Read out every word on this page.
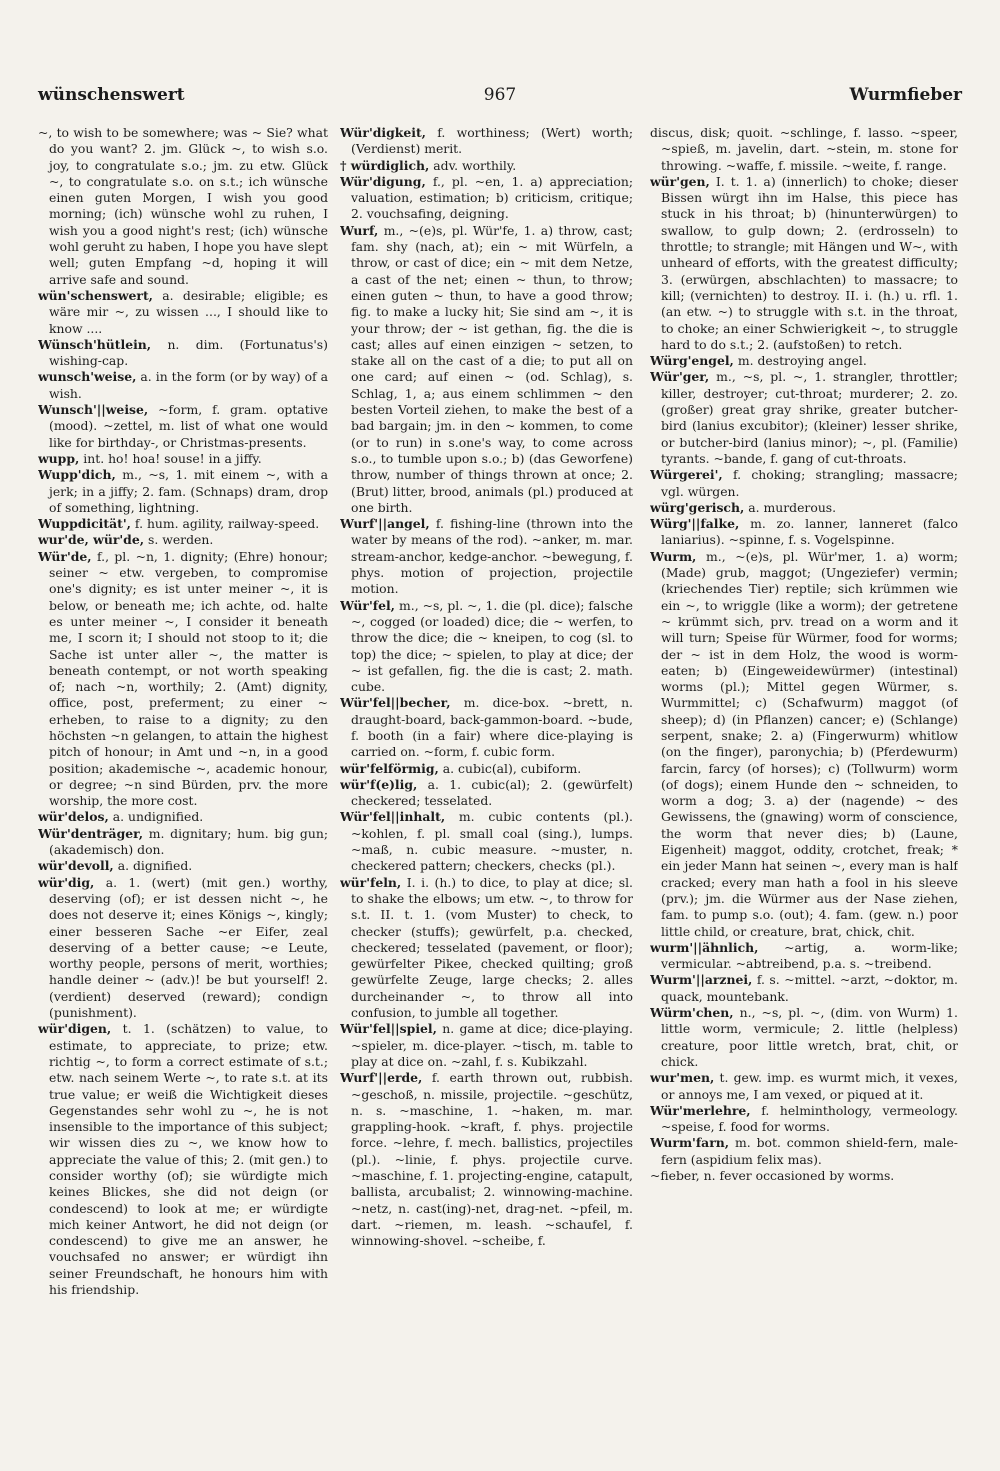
wünschenswert	967	Wurmfieber

~, to wish to be somewhere; was ~ Sie? what do you want? 2. jm. Glück ~, to wish s.o. joy, to congratulate s.o.; jm. zu etw. Glück ~, to congratulate s.o. on s.t.; ich wünsche einen guten Morgen, I wish you good morning; (ich) wünsche wohl zu ruhen, I wish you a good night's rest; (ich) wünsche wohl geruht zu haben, I hope you have slept well; guten Empfang ~d, hoping it will arrive safe and sound.

wün'schenswert, a. desirable; eligible; es wäre mir ~, zu wissen ..., I should like to know ....

Wünsch'hütlein, n. dim. (Fortunatus's) wishing-cap.

wunsch'weise, a. in the form (or by way) of a wish.

Wunsch'||weise, ~form, f. gram. optative (mood). ~zettel, m. list of what one would like for birthday-, or Christmas-presents.

wupp, int. ho! hoa! souse! in a jiffy.

Wupp'dich, m., ~s, 1. mit einem ~, with a jerk; in a jiffy; 2. fam. (Schnaps) dram, drop of something, lightning.

Wuppdicität', f. hum. agility, railway-speed.

wur'de, wür'de, s. werden.

Wür'de, f., pl. ~n, 1. dignity; (Ehre) honour; seiner ~ etw. vergeben, to compromise one's dignity; es ist unter meiner ~, it is below, or beneath me; ich achte, od. halte es unter meiner ~, I consider it beneath me, I scorn it; I should not stoop to it; die Sache ist unter aller ~, the matter is beneath contempt, or not worth speaking of; nach ~n, worthily; 2. (Amt) dignity, office, post, preferment; zu einer ~ erheben, to raise to a dignity; zu den höchsten ~n gelangen, to attain the highest pitch of honour; in Amt und ~n, in a good position; akademische ~, academic honour, or degree; ~n sind Bürden, prv. the more worship, the more cost.

wür'delos, a. undignified.

Wür'denträger, m. dignitary; hum. big gun; (akademisch) don.

wür'devoll, a. dignified.

wür'dig, a. 1. (wert) (mit gen.) worthy, deserving (of); er ist dessen nicht ~, he does not deserve it; eines Königs ~, kingly; einer besseren Sache ~er Eifer, zeal deserving of a better cause; ~e Leute, worthy people, persons of merit, worthies; handle deiner ~ (adv.)! be but yourself! 2. (verdient) deserved (reward); condign (punishment).

wür'digen, t. 1. (schätzen) to value, to estimate, to appreciate, to prize; etw. richtig ~, to form a correct estimate of s.t.; etw. nach seinem Werte ~, to rate s.t. at its true value; er weiß die Wichtigkeit dieses Gegenstandes sehr wohl zu ~, he is not insensible to the importance of this subject; wir wissen dies zu ~, we know how to appreciate the value of this; 2. (mit gen.) to consider worthy (of); sie würdigte mich keines Blickes, she did not deign (or condescend) to look at me; er würdigte mich keiner Antwort, he did not deign (or condescend) to give me an answer, he vouchsafed no answer; er würdigt ihn seiner Freundschaft, he honours him with his friendship.

Wür'digkeit, f. worthiness; (Wert) worth; (Verdienst) merit.

† würdiglich, adv. worthily.

Wür'digung, f., pl. ~en, 1. a) appreciation; valuation, estimation; b) criticism, critique; 2. vouchsafing, deigning.

Wurf, m., ~(e)s, pl. Wür'fe, 1. a) throw, cast; fam. shy (nach, at); ein ~ mit Würfeln, a throw, or cast of dice; ein ~ mit dem Netze, a cast of the net; einen ~ thun, to throw; einen guten ~ thun, to have a good throw; fig. to make a lucky hit; Sie sind am ~, it is your throw; der ~ ist gethan, fig. the die is cast; alles auf einen einzigen ~ setzen, to stake all on the cast of a die; to put all on one card; auf einen ~ (od. Schlag), s. Schlag, 1, a; aus einem schlimmen ~ den besten Vorteil ziehen, to make the best of a bad bargain; jm. in den ~ kommen, to come (or to run) in s.one's way, to come across s.o., to tumble upon s.o.; b) (das Geworfene) throw, number of things thrown at once; 2. (Brut) litter, brood, animals (pl.) produced at one birth.

Wurf'||angel, f. fishing-line (thrown into the water by means of the rod). ~anker, m. mar. stream-anchor, kedge-anchor. ~bewegung, f. phys. motion of projection, projectile motion.

Wür'fel, m., ~s, pl. ~, 1. die (pl. dice); falsche ~, cogged (or loaded) dice; die ~ werfen, to throw the dice; die ~ kneipen, to cog (sl. to top) the dice; ~ spielen, to play at dice; der ~ ist gefallen, fig. the die is cast; 2. math. cube.

Wür'fel||becher, m. dice-box. ~brett, n. draught-board, back-gammon-board. ~bude, f. booth (in a fair) where dice-playing is carried on. ~form, f. cubic form.

wür'felförmig, a. cubic(al), cubiform.

wür'f(e)lig, a. 1. cubic(al); 2. (gewürfelt) checkered; tesselated.

Wür'fel||inhalt, m. cubic contents (pl.). ~kohlen, f. pl. small coal (sing.), lumps. ~maß, n. cubic measure. ~muster, n. checkered pattern; checkers, checks (pl.).

wür'feln, I. i. (h.) to dice, to play at dice; sl. to shake the elbows; um etw. ~, to throw for s.t. II. t. 1. (vom Muster) to check, to checker (stuffs); gewürfelt, p.a. checked, checkered; tesselated (pavement, or floor); gewürfelter Pikee, checked quilting; groß gewürfelte Zeuge, large checks; 2. alles durcheinander ~, to throw all into confusion, to jumble all together.

Wür'fel||spiel, n. game at dice; dice-playing. ~spieler, m. dice-player. ~tisch, m. table to play at dice on. ~zahl, f. s. Kubikzahl.

Wurf'||erde, f. earth thrown out, rubbish. ~geschoß, n. missile, projectile. ~geschütz, n. s. ~maschine, 1. ~haken, m. mar. grappling-hook. ~kraft, f. phys. projectile force. ~lehre, f. mech. ballistics, projectiles (pl.). ~linie, f. phys. projectile curve. ~maschine, f. 1. projecting-engine, catapult, ballista, arcubalist; 2. winnowing-machine. ~netz, n. cast(ing)-net, drag-net. ~pfeil, m. dart. ~riemen, m. leash. ~schaufel, f. winnowing-shovel. ~scheibe, f.

discus, disk; quoit. ~schlinge, f. lasso. ~speer, ~spieß, m. javelin, dart. ~stein, m. stone for throwing. ~waffe, f. missile. ~weite, f. range.

wür'gen, I. t. 1. a) (innerlich) to choke; dieser Bissen würgt ihn im Halse, this piece has stuck in his throat; b) (hinunterwürgen) to swallow, to gulp down; 2. (erdrosseln) to throttle; to strangle; mit Hängen und W~, with unheard of efforts, with the greatest difficulty; 3. (erwürgen, abschlachten) to massacre; to kill; (vernichten) to destroy. II. i. (h.) u. rfl. 1. (an etw. ~) to struggle with s.t. in the throat, to choke; an einer Schwierigkeit ~, to struggle hard to do s.t.; 2. (aufstoßen) to retch.

Würg'engel, m. destroying angel.

Wür'ger, m., ~s, pl. ~, 1. strangler, throttler; killer, destroyer; cut-throat; murderer; 2. zo. (großer) great gray shrike, greater butcher-bird (lanius excubitor); (kleiner) lesser shrike, or butcher-bird (lanius minor); ~, pl. (Familie) tyrants. ~bande, f. gang of cut-throats.

Würgerei', f. choking; strangling; massacre; vgl. würgen.

würg'gerisch, a. murderous.

Würg'||falke, m. zo. lanner, lanneret (falco laniarius). ~spinne, f. s. Vogelspinne.

Wurm, m., ~(e)s, pl. Wür'mer, 1. a) worm; (Made) grub, maggot; (Ungeziefer) vermin; (kriechendes Tier) reptile; sich krümmen wie ein ~, to wriggle (like a worm); der getretene ~ krümmt sich, prv. tread on a worm and it will turn; Speise für Würmer, food for worms; der ~ ist in dem Holz, the wood is worm-eaten; b) (Eingeweidewürmer) (intestinal) worms (pl.); Mittel gegen Würmer, s. Wurmmittel; c) (Schafwurm) maggot (of sheep); d) (in Pflanzen) cancer; e) (Schlange) serpent, snake; 2. a) (Fingerwurm) whitlow (on the finger), paronychia; b) (Pferdewurm) farcin, farcy (of horses); c) (Tollwurm) worm (of dogs); einem Hunde den ~ schneiden, to worm a dog; 3. a) der (nagende) ~ des Gewissens, the (gnawing) worm of conscience, the worm that never dies; b) (Laune, Eigenheit) maggot, oddity, crotchet, freak; * ein jeder Mann hat seinen ~, every man is half cracked; every man hath a fool in his sleeve (prv.); jm. die Würmer aus der Nase ziehen, fam. to pump s.o. (out); 4. fam. (gew. n.) poor little child, or creature, brat, chick, chit.

wurm'||ähnlich, ~artig, a. worm-like; vermicular. ~abtreibend, p.a. s. ~treibend.

Wurm'||arznei, f. s. ~mittel. ~arzt, ~doktor, m. quack, mountebank.

Würm'chen, n., ~s, pl. ~, (dim. von Wurm) 1. little worm, vermicule; 2. little (helpless) creature, poor little wretch, brat, chit, or chick.

wur'men, t. gew. imp. es wurmt mich, it vexes, or annoys me, I am vexed, or piqued at it.

Wür'merlehre, f. helminthology, vermeology. ~speise, f. food for worms.

Wurm'farn, m. bot. common shield-fern, male-fern (aspidium felix mas).

~fieber, n. fever occasioned by worms.
